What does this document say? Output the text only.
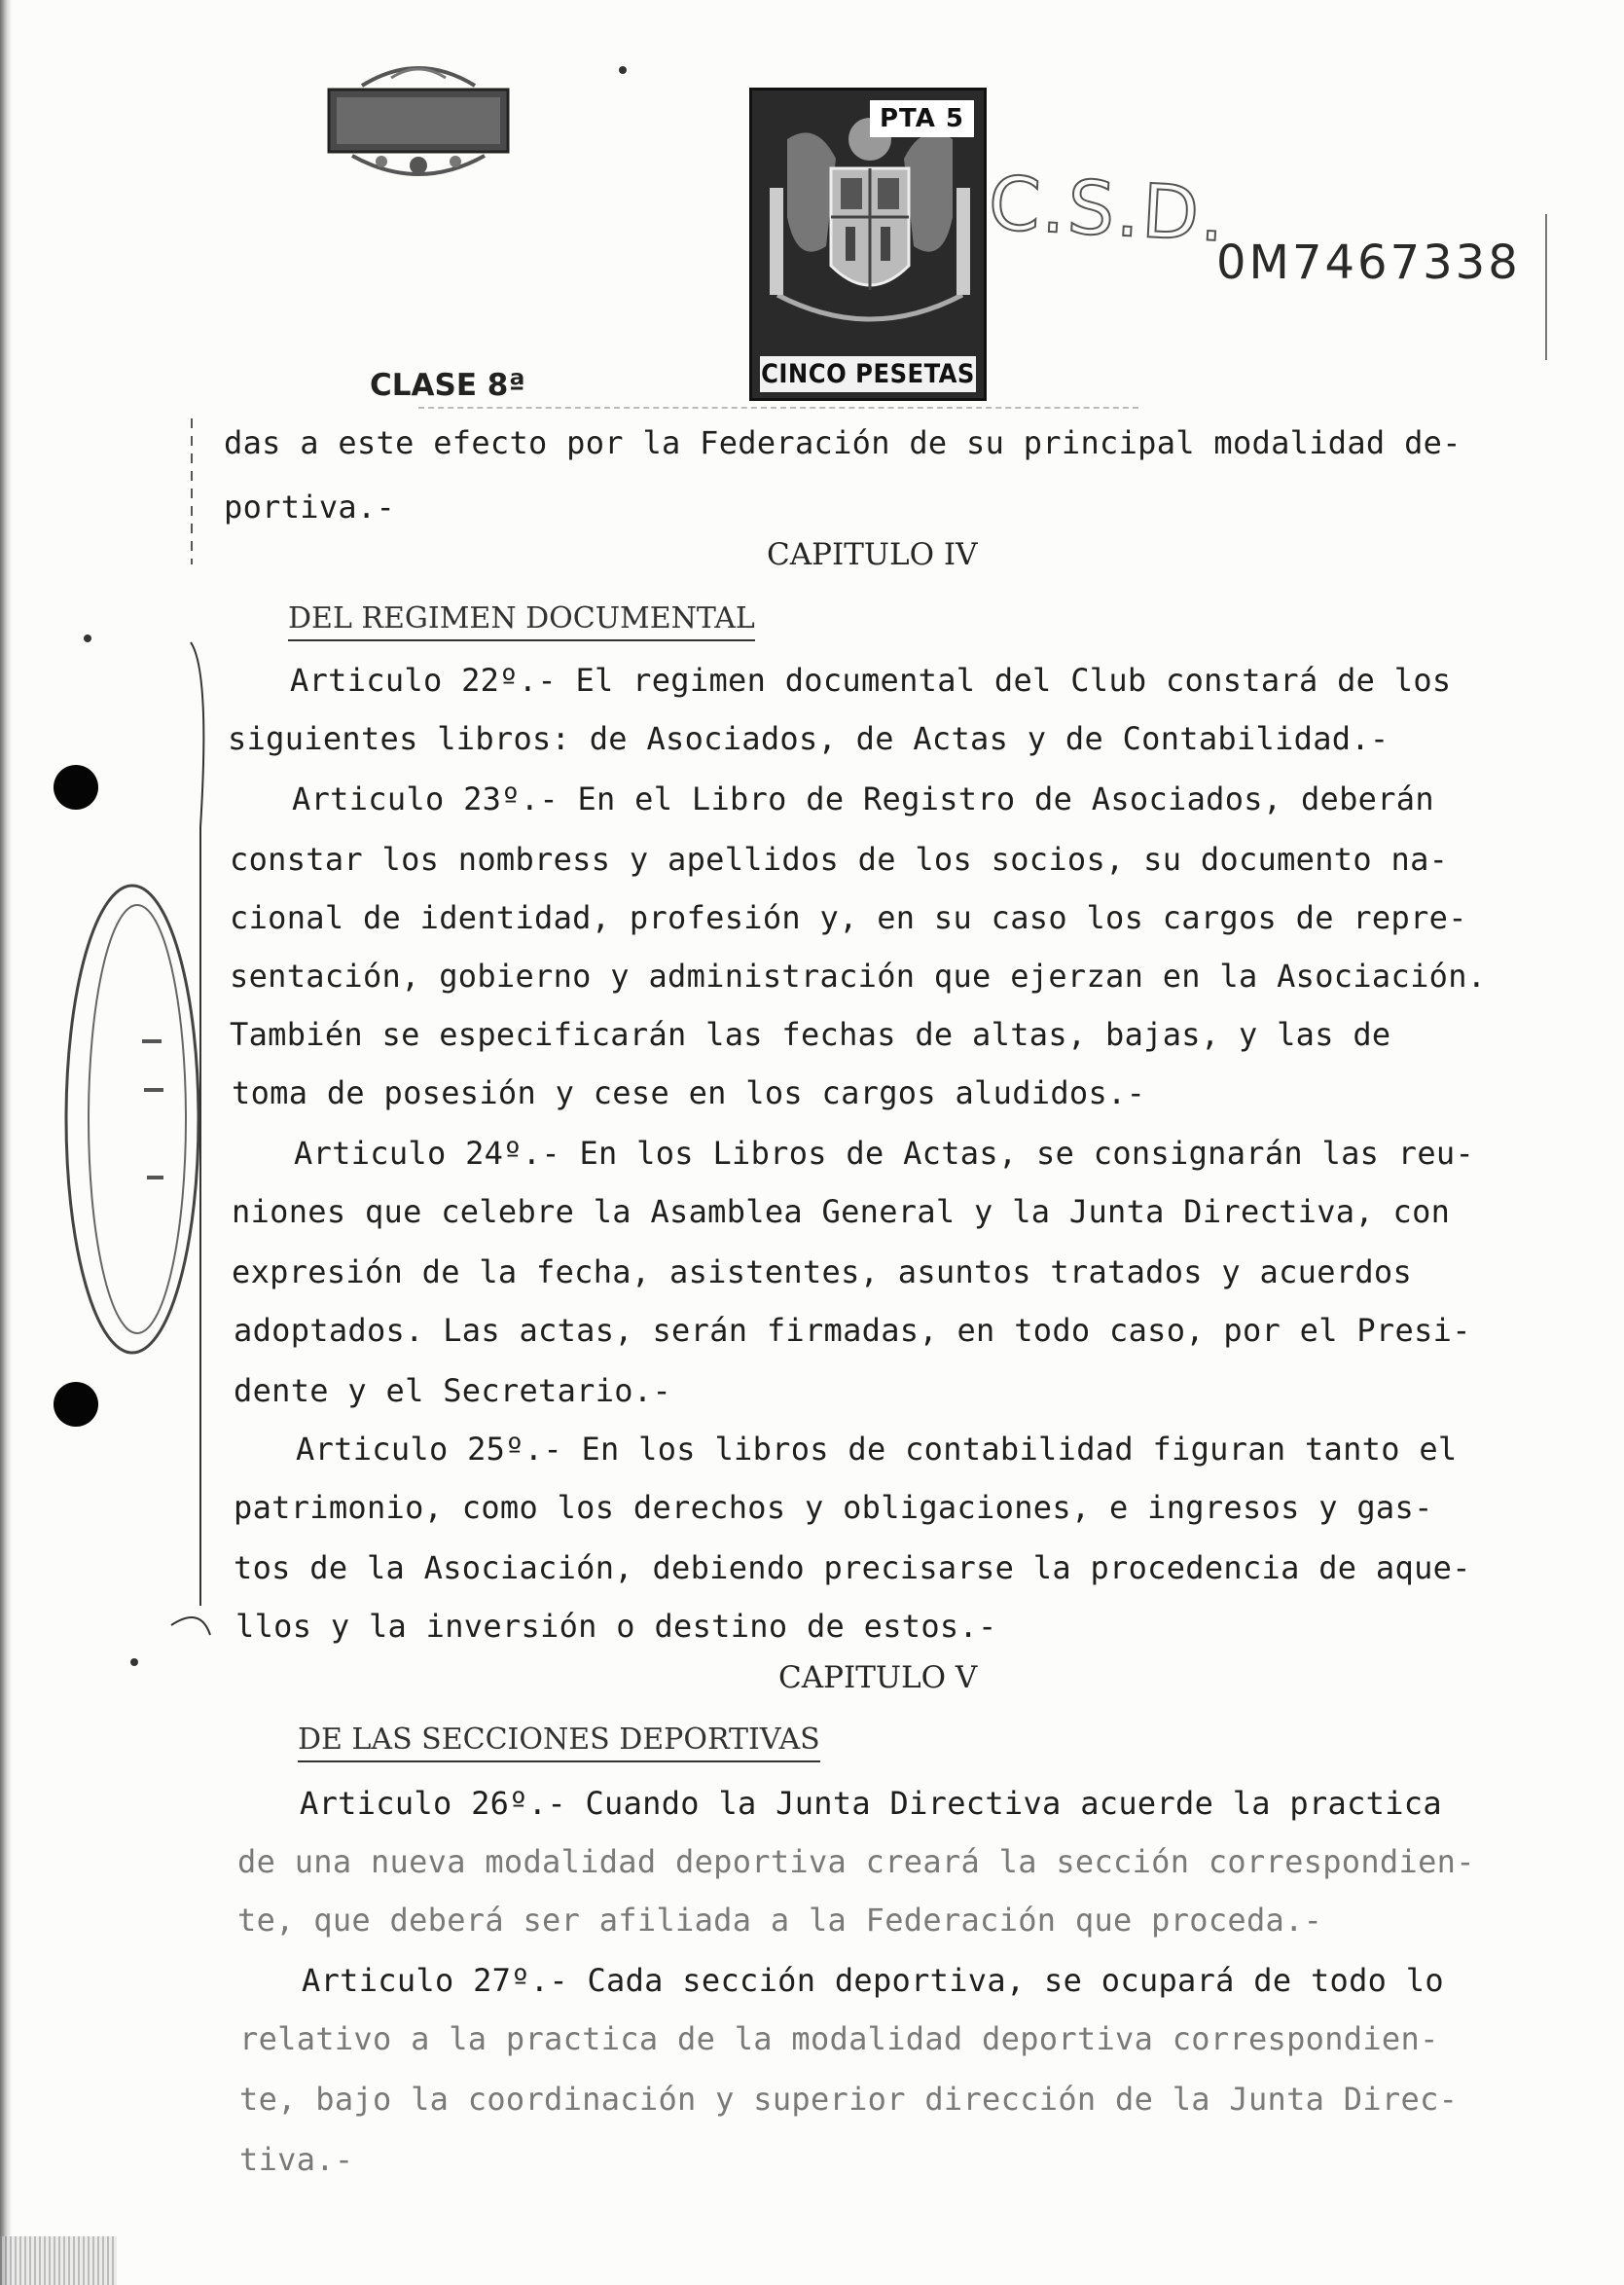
PTA 5
CINCO PESETAS
C.S.D.
0M7467338
CLASE 8ª
das a este efecto por la Federación de su principal modalidad de-
portiva.-
CAPITULO IV
DEL REGIMEN DOCUMENTAL
Articulo 22º.- El regimen documental del Club constará de los
siguientes libros: de Asociados, de Actas y de Contabilidad.-
Articulo 23º.- En el Libro de Registro de Asociados, deberán
constar los nombress y apellidos de los socios, su documento na-
cional de identidad, profesión y, en su caso los cargos de repre-
sentación, gobierno y administración que ejerzan en la Asociación.
También se especificarán las fechas de altas, bajas, y las de
toma de posesión y cese en los cargos aludidos.-
Articulo 24º.- En los Libros de Actas, se consignarán las reu-
niones que celebre la Asamblea General y la Junta Directiva, con
expresión de la fecha, asistentes, asuntos tratados y acuerdos
adoptados. Las actas, serán firmadas, en todo caso, por el Presi-
dente y el Secretario.-
Articulo 25º.- En los libros de contabilidad figuran tanto el
patrimonio, como los derechos y obligaciones, e ingresos y gas-
tos de la Asociación, debiendo precisarse la procedencia de aque-
llos y la inversión o destino de estos.-
CAPITULO V
DE LAS SECCIONES DEPORTIVAS
Articulo 26º.- Cuando la Junta Directiva acuerde la practica
de una nueva modalidad deportiva creará la sección correspondien-
te, que deberá ser afiliada a la Federación que proceda.-
Articulo 27º.- Cada sección deportiva, se ocupará de todo lo
relativo a la practica de la modalidad deportiva correspondien-
te, bajo la coordinación y superior dirección de la Junta Direc-
tiva.-
